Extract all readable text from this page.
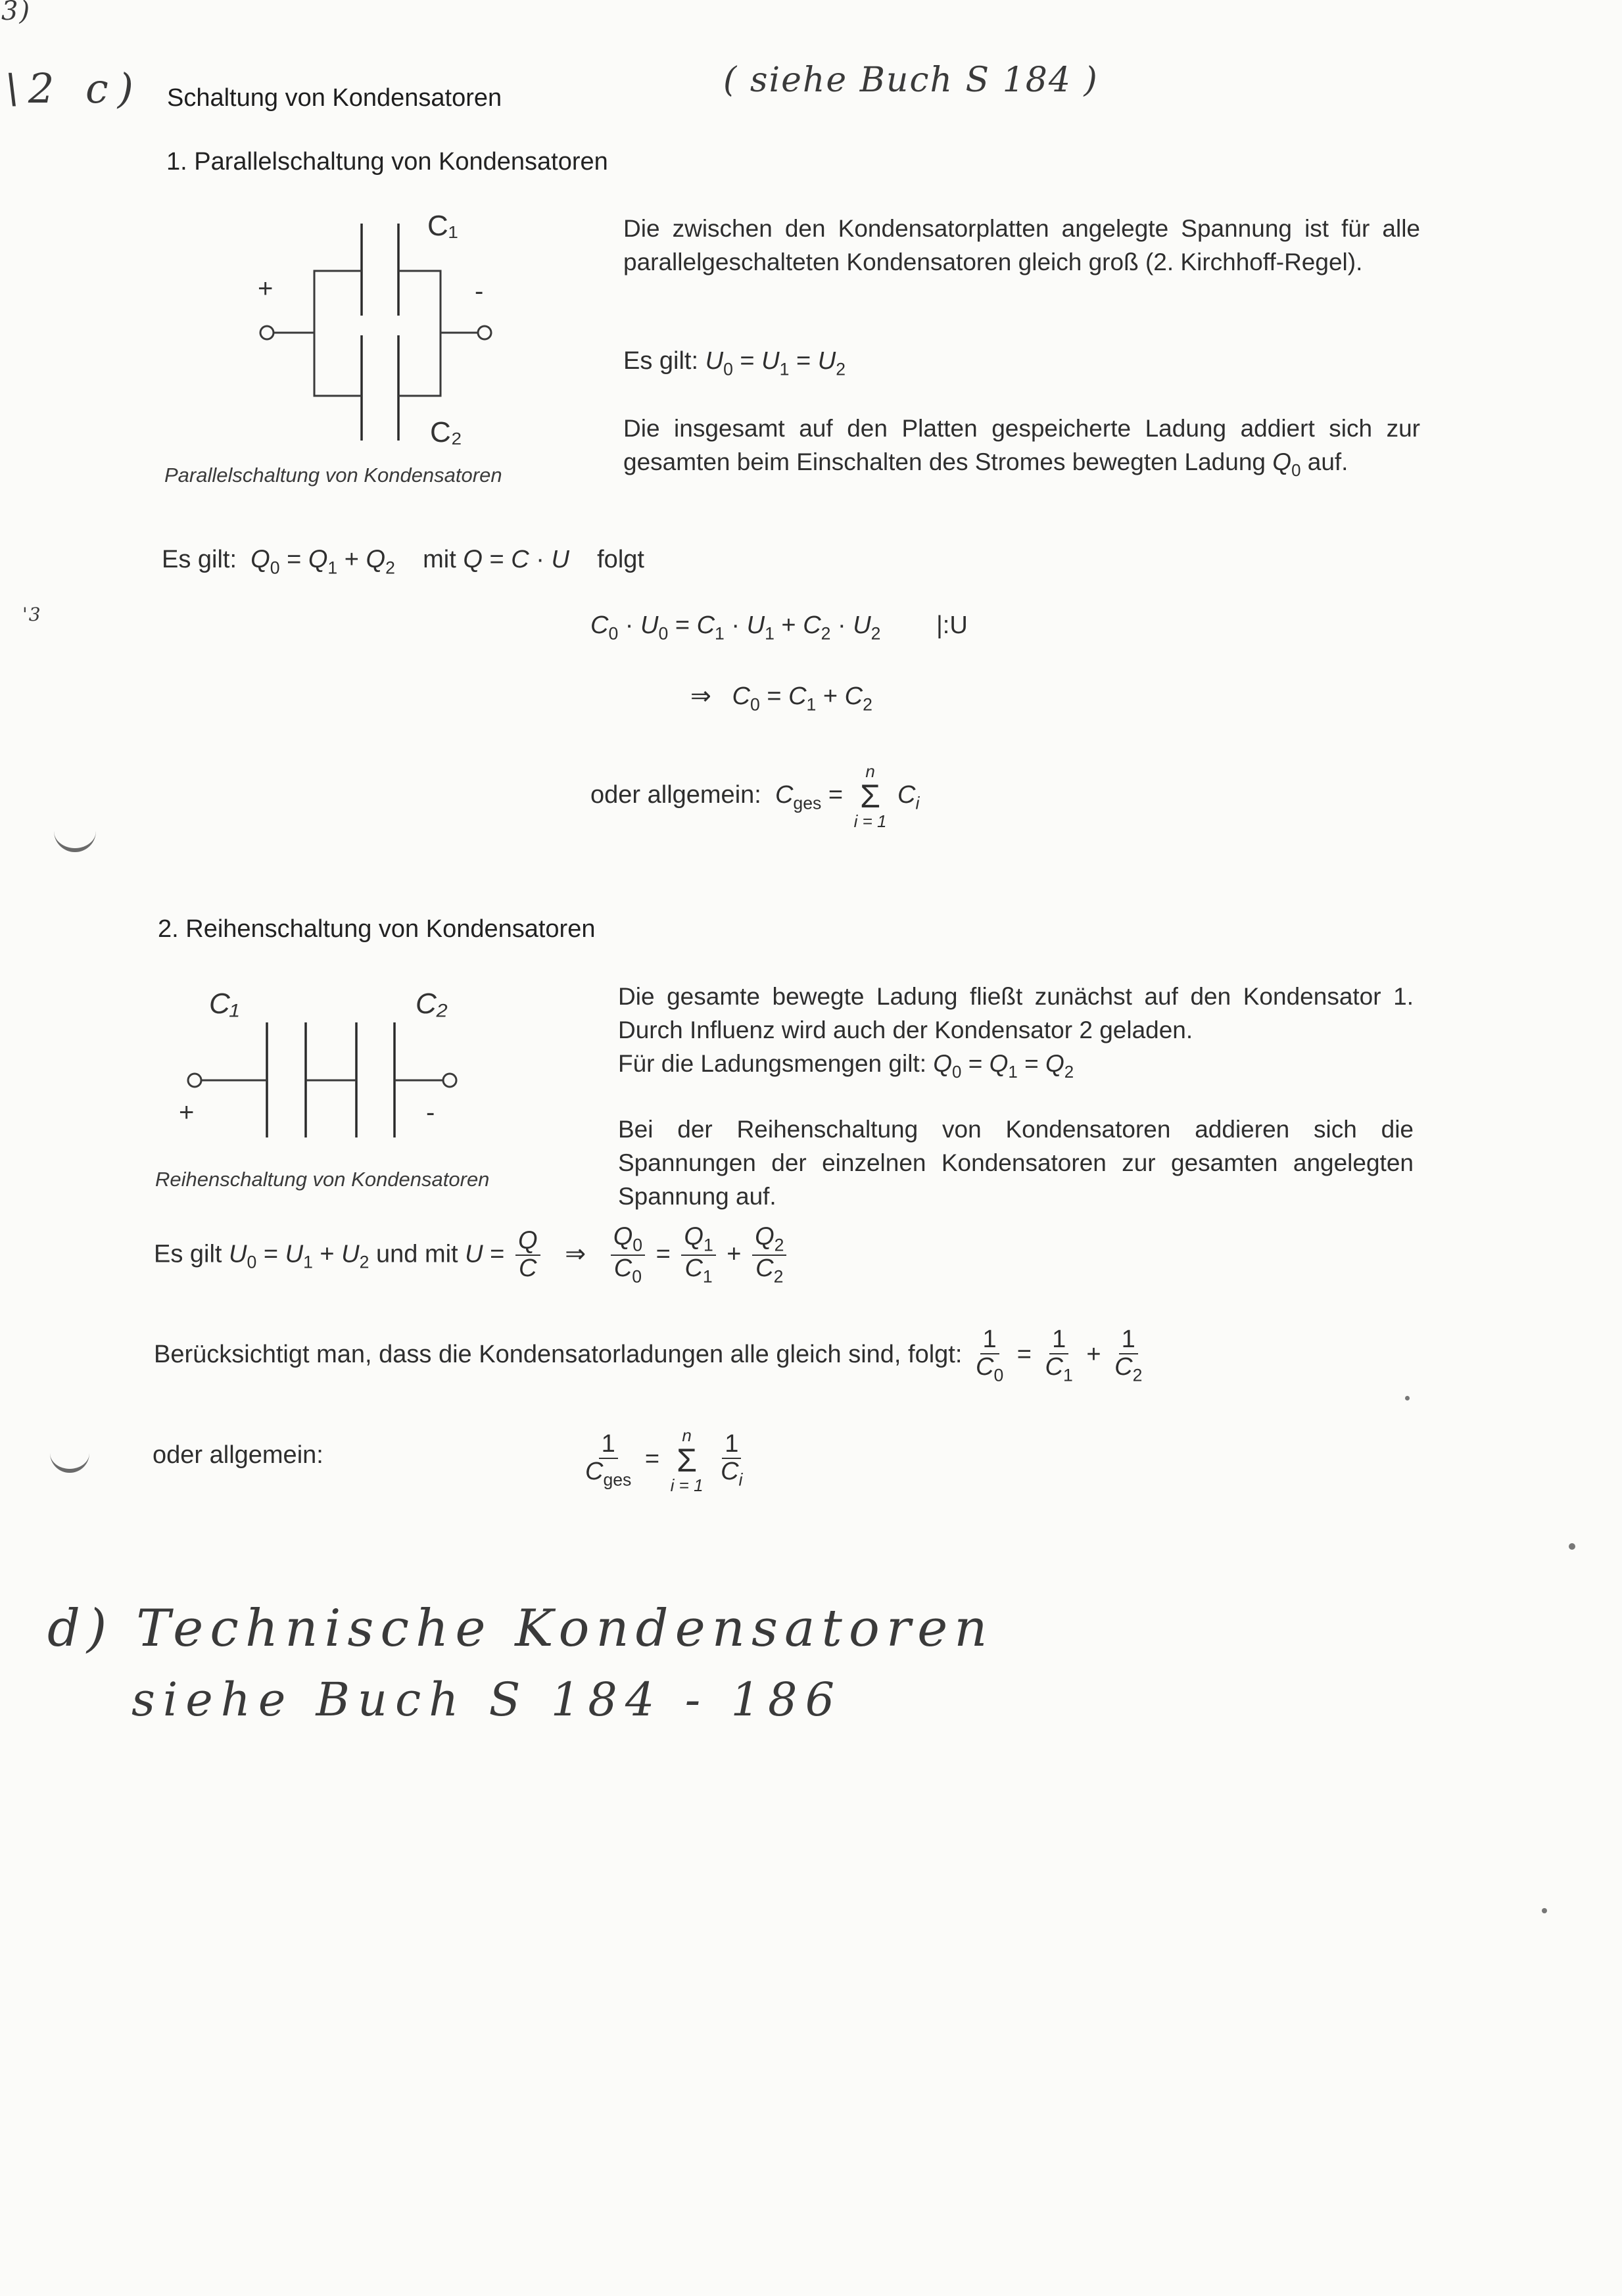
3)
\2 c)
'3
Schaltung von Kondensatoren	( siehe Buch S 184 )
1. Parallelschaltung von Kondensatoren
C₁
C₂
+	-
Parallelschaltung von Kondensatoren
Die zwischen den Kondensatorplatten angelegte Spannung ist für alle parallelgeschalteten Kondensatoren gleich groß (2. Kirchhoff-Regel).
Es gilt: $U_0 = U_1 = U_2$
Die insgesamt auf den Platten gespeicherte Ladung addiert sich zur gesamten beim Einschalten des Stromes bewegten Ladung $Q_0$ auf.
Es gilt: $Q_0 = Q_1 + Q_2$ mit Q = C · U folgt
$C_0 \cdot U_0 = C_1 \cdot U_1 + C_2 \cdot U_2$ |:U
⇒ $C_0 = C_1 + C_2$
oder allgemein: $C_{ges}$ =
n
Σ
i = 1
$C_i$
2. Reihenschaltung von Kondensatoren
C₁	C₂
+	-
Reihenschaltung von Kondensatoren
Die gesamte bewegte Ladung fließt zunächst auf den Kondensator 1. Durch Influenz wird auch der Kondensator 2 geladen.
Für die Ladungsmengen gilt: $Q_0 = Q_1 = Q_2$
Bei der Reihenschaltung von Kondensatoren addieren sich die Spannungen der einzelnen Kondensatoren zur gesamten angelegten Spannung auf.
Es gilt $U_0 = U_1 + U_2$ und mit $U = \frac{Q}{C}$ ⇒ $\frac{Q_0}{C_0} = \frac{Q_1}{C_1} + \frac{Q_2}{C_2}$
Berücksichtigt man, dass die Kondensatorladungen alle gleich sind, folgt: $\frac{1}{C_0} = \frac{1}{C_1} + \frac{1}{C_2}$
oder allgemein:	$\frac{1}{C_{ges}}$ =
n
Σ
i = 1
$\frac{1}{C_i}$
d) Technische Kondensatoren
siehe Buch S 184 - 186
